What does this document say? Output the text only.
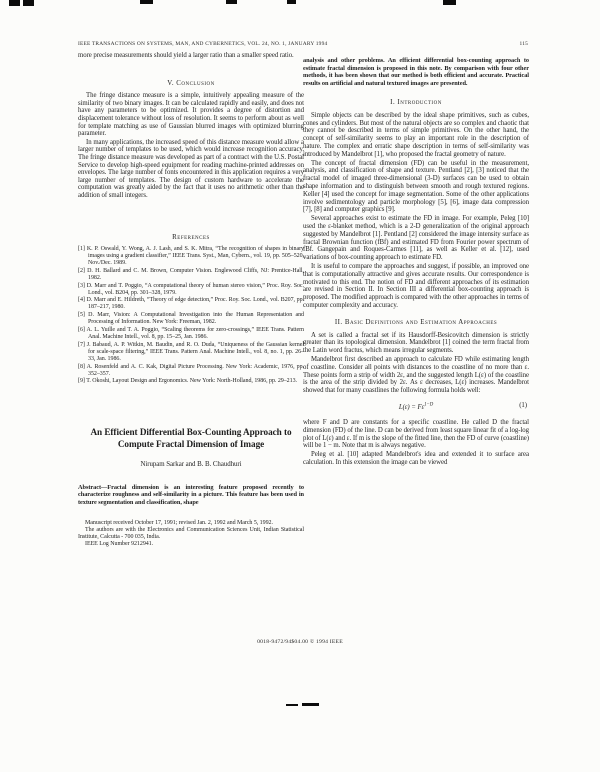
IEEE TRANSACTIONS ON SYSTEMS, MAN, AND CYBERNETICS, VOL. 24, NO. 1, JANUARY 1994	115

more precise measurements should yield a larger ratio than a smaller speed ratio.

V. Conclusion

The fringe distance measure is a simple, intuitively appealing measure of the similarity of two binary images. It can be calculated rapidly and easily, and does not have any parameters to be optimized. It provides a degree of distortion and displacement tolerance without loss of resolution. It seems to perform about as well for template matching as use of Gaussian blurred images with optimized blurring parameter.

In many applications, the increased speed of this distance measure would allow a larger number of templates to be used, which would increase recognition accuracy. The fringe distance measure was developed as part of a contract with the U.S. Postal Service to develop high-speed equipment for reading machine-printed addresses on envelopes. The large number of fonts encountered in this application requires a very large number of templates. The design of custom hardware to accelerate the computation was greatly aided by the fact that it uses no arithmetic other than the addition of small integers.

References

[1] K. P. Oswald, Y. Wong, A. J. Lash, and S. K. Mitra, “The recognition of shapes in binary images using a gradient classifier,” IEEE Trans. Syst., Man, Cybern., vol. 19, pp. 505–520, Nov./Dec. 1989.

[2] D. H. Ballard and C. M. Brown, Computer Vision. Englewood Cliffs, NJ: Prentice-Hall, 1982.

[3] D. Marr and T. Poggio, “A computational theory of human stereo vision,” Proc. Roy. Soc. Lond., vol. B204, pp. 301–328, 1979.

[4] D. Marr and E. Hildreth, “Theory of edge detection,” Proc. Roy. Soc. Lond., vol. B207, pp. 187–217, 1980.

[5] D. Marr, Vision: A Computational Investigation into the Human Representation and Processing of Information. New York: Freeman, 1982.

[6] A. L. Yuille and T. A. Poggio, “Scaling theorems for zero-crossings,” IEEE Trans. Pattern Anal. Machine Intell., vol. 8, pp. 15–25, Jan. 1986.

[7] J. Babaud, A. P. Witkin, M. Baudin, and R. O. Duda, “Uniqueness of the Gaussian kernel for scale-space filtering,” IEEE Trans. Pattern Anal. Machine Intell., vol. 8, no. 1, pp. 26–33, Jan. 1986.

[8] A. Rosenfeld and A. C. Kak, Digital Picture Processing. New York: Academic, 1976, pp. 352–357.

[9] T. Okoshi, Layout Design and Ergonomics. New York: North-Holland, 1986, pp. 29–213.

An Efficient Differential Box-Counting Approach to
Compute Fractal Dimension of Image
Nirupam Sarkar and B. B. Chaudhuri

Abstract—Fractal dimension is an interesting feature proposed recently to characterize roughness and self-similarity in a picture. This feature has been used in texture segmentation and classification, shape

Manuscript received October 17, 1991; revised Jan. 2, 1992 and March 5, 1992.

The authors are with the Electronics and Communication Sciences Unit, Indian Statistical Institute, Calcutta - 700 035, India.

IEEE Log Number 9212941.

analysis and other problems. An efficient differential box-counting approach to estimate fractal dimension is proposed in this note. By comparison with four other methods, it has been shown that our method is both efficient and accurate. Practical results on artificial and natural textured images are presented.

I. Introduction

Simple objects can be described by the ideal shape primitives, such as cubes, cones and cylinders. But most of the natural objects are so complex and chaotic that they cannot be described in terms of simple primitives. On the other hand, the concept of self-similarity seems to play an important role in the description of nature. The complex and erratic shape description in terms of self-similarity was introduced by Mandelbrot [1], who proposed the fractal geometry of nature.

The concept of fractal dimension (FD) can be useful in the measurement, analysis, and classification of shape and texture. Pentland [2], [3] noticed that the fractal model of imaged three-dimensional (3-D) surfaces can be used to obtain shape information and to distinguish between smooth and rough textured regions. Keller [4] used the concept for image segmentation. Some of the other applications involve sedimentology and particle morphology [5], [6], image data compression [7], [8] and computer graphics [9].

Several approaches exist to estimate the FD in image. For example, Peleg [10] used the ε-blanket method, which is a 2-D generalization of the original approach suggested by Mandelbrot [1]. Pentland [2] considered the image intensity surface as fractal Brownian function (fBf) and estimated FD from Fourier power spectrum of fBf. Gangepain and Roques-Carmes [11], as well as Keller et al. [12], used variations of box-counting approach to estimate FD.

It is useful to compare the approaches and suggest, if possible, an improved one that is computationally attractive and gives accurate results. Our correspondence is motivated to this end. The notion of FD and different approaches of its estimation are revised in Section II. In Section III a differential box-counting approach is proposed. The modified approach is compared with the other approaches in terms of computer complexity and accuracy.

II. Basic Definitions and Estimation Approaches

A set is called a fractal set if its Hausdorff-Besicovitch dimension is strictly greater than its topological dimension. Mandelbrot [1] coined the term fractal from the Latin word fractus, which means irregular segments.

Mandelbrot first described an approach to calculate FD while estimating length of coastline. Consider all points with distances to the coastline of no more than ε. These points form a strip of width 2ε, and the suggested length L(ε) of the coastline is the area of the strip divided by 2ε. As ε decreases, L(ε) increases. Mandelbrot showed that for many coastlines the following formula holds well:

$L(\varepsilon) = F\varepsilon^{1-D}$	(1)

where F and D are constants for a specific coastline. He called D the fractal dimension (FD) of the line. D can be derived from least square linear fit of a log-log plot of L(ε) and ε. If m is the slope of the fitted line, then the FD of curve (coastline) will be 1 − m. Note that m is always negative.

Peleg et al. [10] adapted Mandelbrot's idea and extended it to surface area calculation. In this extension the image can be viewed

0018-9472/94$04.00 © 1994 IEEE
